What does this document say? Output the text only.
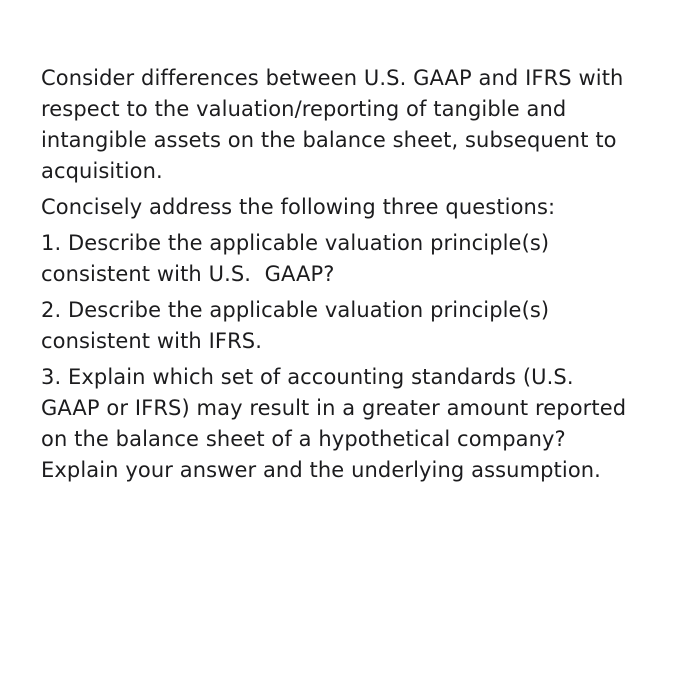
Consider differences between U.S. GAAP and IFRS with
respect to the valuation/reporting of tangible and
intangible assets on the balance sheet, subsequent to
acquisition.

Concisely address the following three questions:

1. Describe the applicable valuation principle(s)
consistent with U.S.  GAAP?

2. Describe the applicable valuation principle(s)
consistent with IFRS.

3. Explain which set of accounting standards (U.S.
GAAP or IFRS) may result in a greater amount reported
on the balance sheet of a hypothetical company?
Explain your answer and the underlying assumption.
